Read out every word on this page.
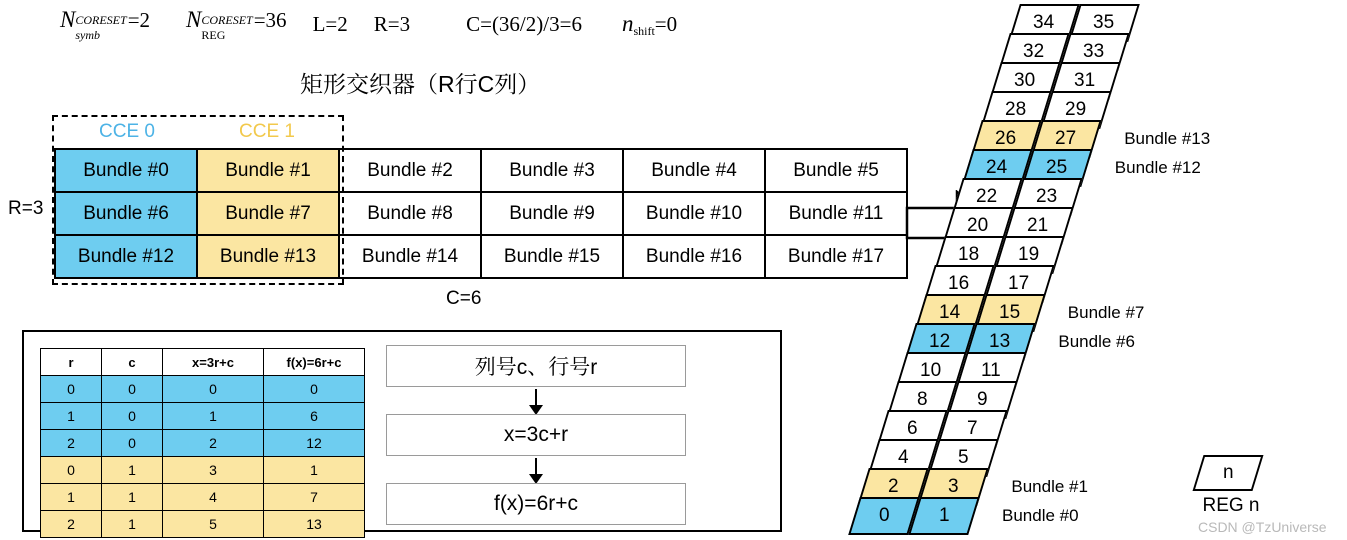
N CORESET
symb
=2 N CORESET
REG
=36 L=2 R=3	C=(36/2)/3=6 n shift =0
矩形交织器（R行C列）
CCE 0	CCE 1
R=3
C=6
Bundle #0	Bundle #1	Bundle #2	Bundle #3	Bundle #4	Bundle #5
Bundle #6	Bundle #7	Bundle #8	Bundle #9	Bundle #10	Bundle #11
Bundle #12	Bundle #13	Bundle #14	Bundle #15	Bundle #16	Bundle #17
r	c	x=3r+c	f(x)=6r+c
0	0	0	0
1	0	1	6
2	0	2	12
0	1	3	1
1	1	4	7
2	1	5	13
列号c、行号r
x=3c+r
f(x)=6r+c
34 35
32 33
30 31
28 29
26 27	Bundle #13
24 25	Bundle #12
22 23
20 21
18 19
16 17
14 15	Bundle #7
12 13	Bundle #6
10 11
8	9
6	7
4	5
2	3	Bundle #1
0	1	Bundle #0
n
REG n
CSDN @TzUniverse
